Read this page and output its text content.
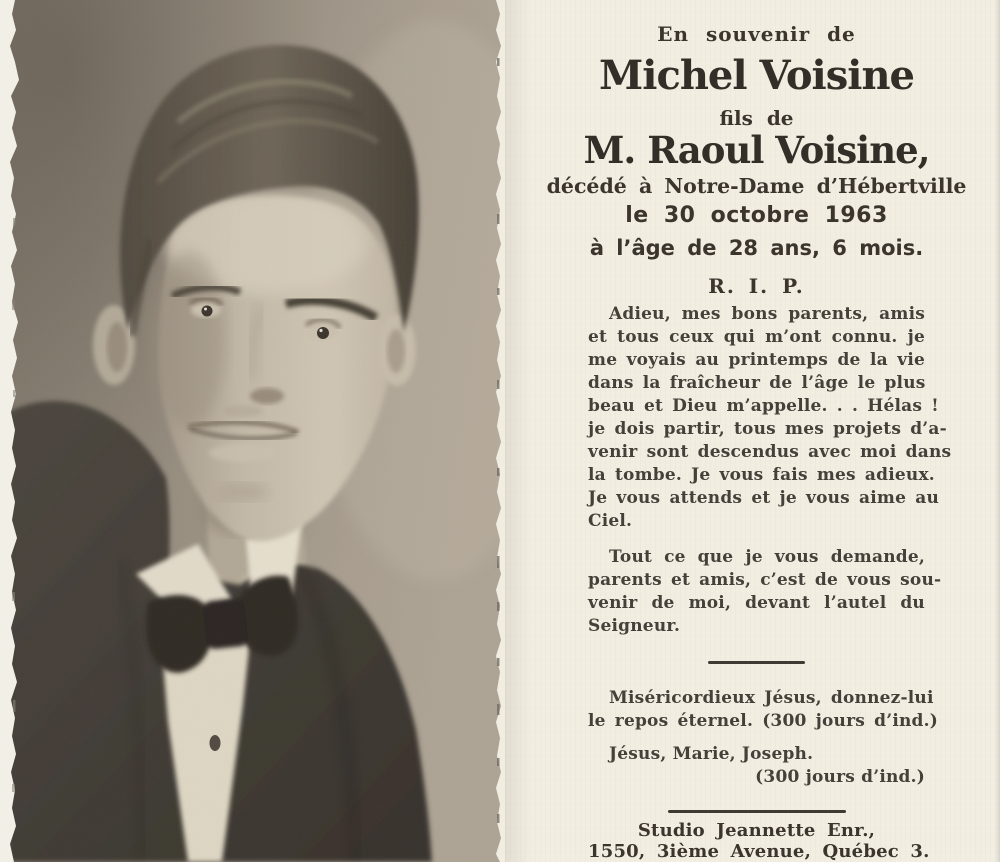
En souvenir de
Michel Voisine
fils de
M. Raoul Voisine,
décédé à Notre-Dame d’Hébertville
le 30 octobre 1963
à l’âge de 28 ans, 6 mois.
R. I. P.
Adieu, mes bons parents, amis
et tous ceux qui m’ont connu. je
me voyais au printemps de la vie
dans la fraîcheur de l’âge le plus
beau et Dieu m’appelle. . . Hélas !
je dois partir, tous mes projets d’a-
venir sont descendus avec moi dans
la tombe. Je vous fais mes adieux.
Je vous attends et je vous aime au
Ciel.
Tout ce que je vous demande,
parents et amis, c’est de vous sou-
venir de moi, devant l’autel du
Seigneur.
Miséricordieux Jésus, donnez-lui
le repos éternel. (300 jours d’ind.)
Jésus, Marie, Joseph.
(300 jours d’ind.)
Studio Jeannette Enr.,
1550, 3ième Avenue, Québec 3.
